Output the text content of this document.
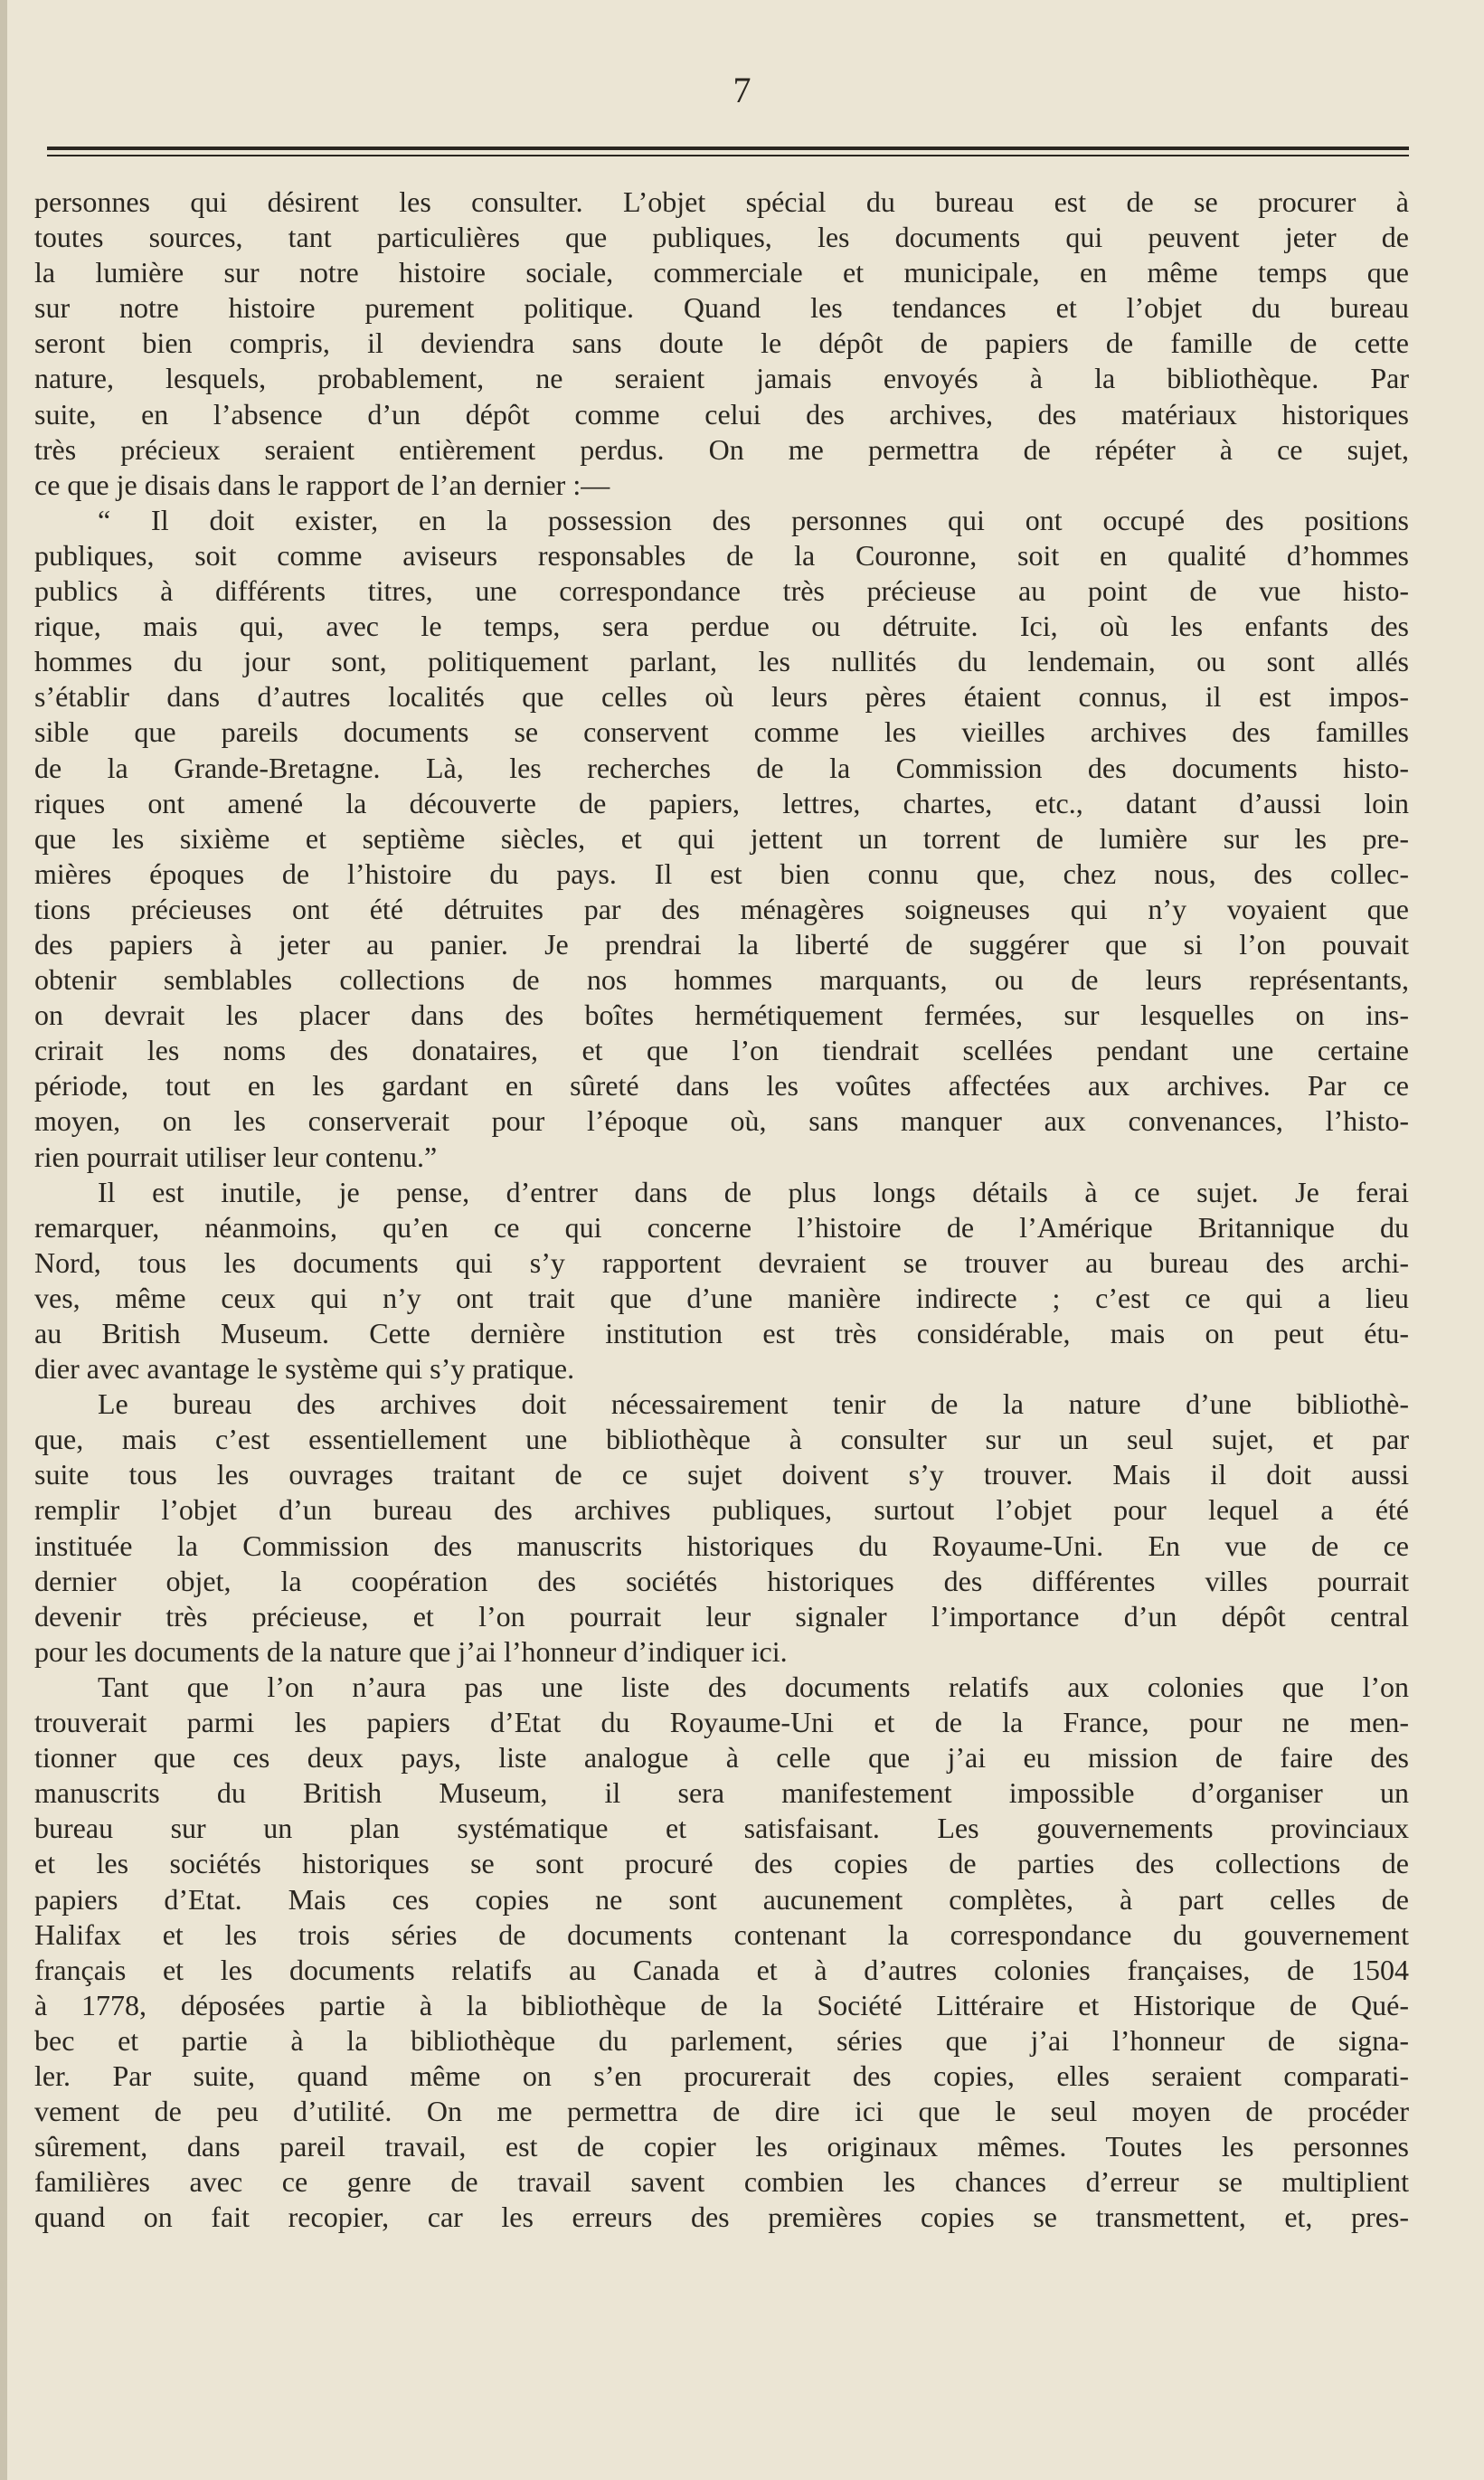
7
personnes qui désirent les consulter. L’objet spécial du bureau est de se procurer à
toutes sources, tant particulières que publiques, les documents qui peuvent jeter de
la lumière sur notre histoire sociale, commerciale et municipale, en même temps que
sur notre histoire purement politique. Quand les tendances et l’objet du bureau
seront bien compris, il deviendra sans doute le dépôt de papiers de famille de cette
nature, lesquels, probablement, ne seraient jamais envoyés à la bibliothèque. Par
suite, en l’absence d’un dépôt comme celui des archives, des matériaux historiques
très précieux seraient entièrement perdus. On me permettra de répéter à ce sujet,
ce que je disais dans le rapport de l’an dernier :—
“ Il doit exister, en la possession des personnes qui ont occupé des positions
publiques, soit comme aviseurs responsables de la Couronne, soit en qualité d’hommes
publics à différents titres, une correspondance très précieuse au point de vue histo-
rique, mais qui, avec le temps, sera perdue ou détruite. Ici, où les enfants des
hommes du jour sont, politiquement parlant, les nullités du lendemain, ou sont allés
s’établir dans d’autres localités que celles où leurs pères étaient connus, il est impos-
sible que pareils documents se conservent comme les vieilles archives des familles
de la Grande-Bretagne. Là, les recherches de la Commission des documents histo-
riques ont amené la découverte de papiers, lettres, chartes, etc., datant d’aussi loin
que les sixième et septième siècles, et qui jettent un torrent de lumière sur les pre-
mières époques de l’histoire du pays. Il est bien connu que, chez nous, des collec-
tions précieuses ont été détruites par des ménagères soigneuses qui n’y voyaient que
des papiers à jeter au panier. Je prendrai la liberté de suggérer que si l’on pouvait
obtenir semblables collections de nos hommes marquants, ou de leurs représentants,
on devrait les placer dans des boîtes hermétiquement fermées, sur lesquelles on ins-
crirait les noms des donataires, et que l’on tiendrait scellées pendant une certaine
période, tout en les gardant en sûreté dans les voûtes affectées aux archives. Par ce
moyen, on les conserverait pour l’époque où, sans manquer aux convenances, l’histo-
rien pourrait utiliser leur contenu.”
Il est inutile, je pense, d’entrer dans de plus longs détails à ce sujet. Je ferai
remarquer, néanmoins, qu’en ce qui concerne l’histoire de l’Amérique Britannique du
Nord, tous les documents qui s’y rapportent devraient se trouver au bureau des archi-
ves, même ceux qui n’y ont trait que d’une manière indirecte ; c’est ce qui a lieu
au British Museum. Cette dernière institution est très considérable, mais on peut étu-
dier avec avantage le système qui s’y pratique.
Le bureau des archives doit nécessairement tenir de la nature d’une bibliothè-
que, mais c’est essentiellement une bibliothèque à consulter sur un seul sujet, et par
suite tous les ouvrages traitant de ce sujet doivent s’y trouver. Mais il doit aussi
remplir l’objet d’un bureau des archives publiques, surtout l’objet pour lequel a été
instituée la Commission des manuscrits historiques du Royaume-Uni. En vue de ce
dernier objet, la coopération des sociétés historiques des différentes villes pourrait
devenir très précieuse, et l’on pourrait leur signaler l’importance d’un dépôt central
pour les documents de la nature que j’ai l’honneur d’indiquer ici.
Tant que l’on n’aura pas une liste des documents relatifs aux colonies que l’on
trouverait parmi les papiers d’Etat du Royaume-Uni et de la France, pour ne men-
tionner que ces deux pays, liste analogue à celle que j’ai eu mission de faire des
manuscrits du British Museum, il sera manifestement impossible d’organiser un
bureau sur un plan systématique et satisfaisant. Les gouvernements provinciaux
et les sociétés historiques se sont procuré des copies de parties des collections de
papiers d’Etat. Mais ces copies ne sont aucunement complètes, à part celles de
Halifax et les trois séries de documents contenant la correspondance du gouvernement
français et les documents relatifs au Canada et à d’autres colonies françaises, de 1504
à 1778, déposées partie à la bibliothèque de la Société Littéraire et Historique de Qué-
bec et partie à la bibliothèque du parlement, séries que j’ai l’honneur de signa-
ler. Par suite, quand même on s’en procurerait des copies, elles seraient comparati-
vement de peu d’utilité. On me permettra de dire ici que le seul moyen de procéder
sûrement, dans pareil travail, est de copier les originaux mêmes. Toutes les personnes
familières avec ce genre de travail savent combien les chances d’erreur se multiplient
quand on fait recopier, car les erreurs des premières copies se transmettent, et, pres-
